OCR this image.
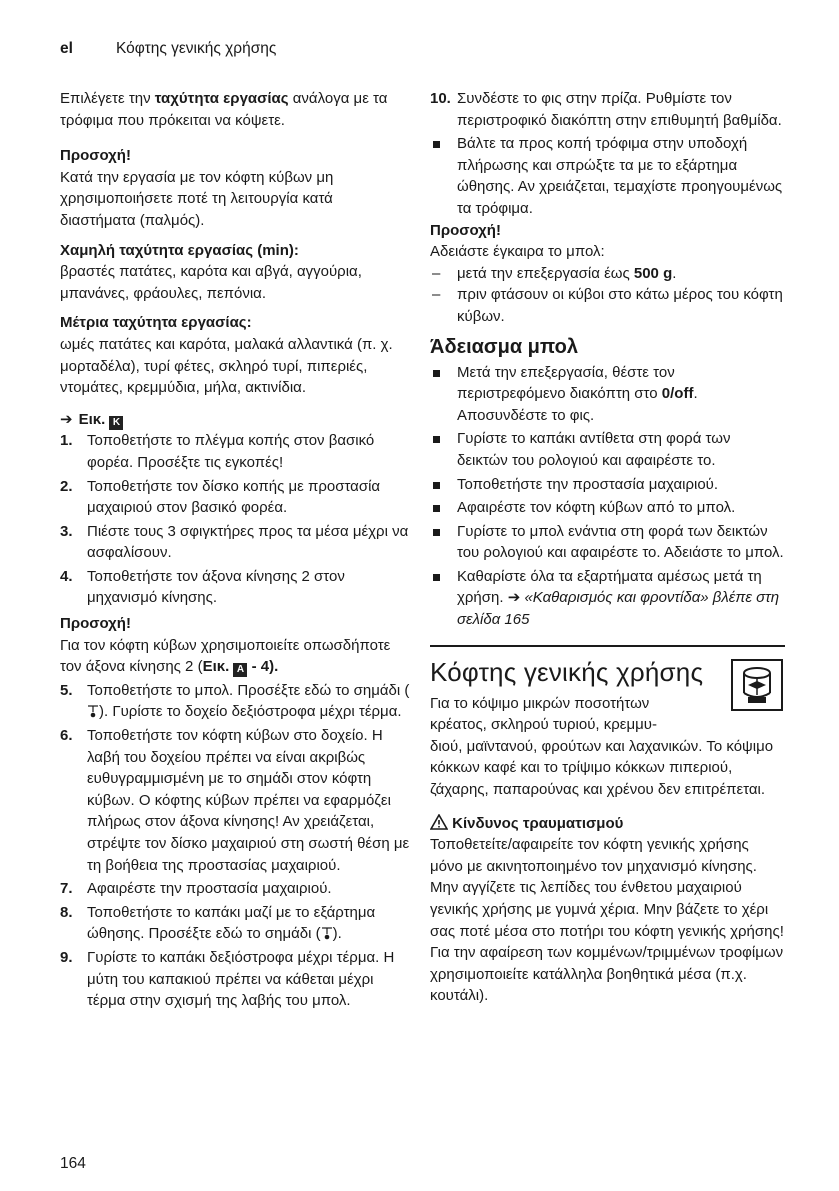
el	Κόφτης γενικής χρήσης

Επιλέγετε την ταχύτητα εργασίας ανάλογα με τα τρόφιμα που πρόκειται να κόψετε.

Προσοχή!

Κατά την εργασία με τον κόφτη κύβων μη χρησιμοποιήσετε ποτέ τη λειτουργία κατά διαστήματα (παλμός).

Χαμηλή ταχύτητα εργασίας (min):

βραστές πατάτες, καρότα και αβγά, αγγούρια, μπανάνες, φράουλες, πεπόνια.

Μέτρια ταχύτητα εργασίας:

ωμές πατάτες και καρότα, μαλακά αλλαντικά (π. χ. μορταδέλα), τυρί φέτες, σκληρό τυρί, πιπεριές, ντομάτες, κρεμμύδια, μήλα, ακτινίδια.

➔ Εικ. K

1. Τοποθετήστε το πλέγμα κοπής στον βασικό φορέα. Προσέξτε τις εγκοπές!
2. Τοποθετήστε τον δίσκο κοπής με προστασία μαχαιριού στον βασικό φορέα.
3. Πιέστε τους 3 σφιγκτήρες προς τα μέσα μέχρι να ασφαλίσουν.
4. Τοποθετήστε τον άξονα κίνησης 2 στον μηχανισμό κίνησης.

Προσοχή!

Για τον κόφτη κύβων χρησιμοποιείτε οπωσδήποτε τον άξονα κίνησης 2 (Εικ. A - 4).

5. Τοποθετήστε το μπολ. Προσέξτε εδώ το σημάδι (). Γυρίστε το δοχείο δεξιόστροφα μέχρι τέρμα.
6. Τοποθετήστε τον κόφτη κύβων στο δοχείο. Η λαβή του δοχείου πρέπει να είναι ακριβώς ευθυγραμμισμένη με το σημάδι στον κόφτη κύβων. Ο κόφτης κύβων πρέπει να εφαρμόζει πλήρως στον άξονα κίνησης! Αν χρειάζεται, στρέψτε τον δίσκο μαχαιριού στη σωστή θέση με τη βοήθεια της προστασίας μαχαιριού.
7. Αφαιρέστε την προστασία μαχαιριού.
8. Τοποθετήστε το καπάκι μαζί με το εξάρτημα ώθησης. Προσέξτε εδώ το σημάδι ( ).
9. Γυρίστε το καπάκι δεξιόστροφα μέχρι τέρμα. Η μύτη του καπακιού πρέπει να κάθεται μέχρι τέρμα στην σχισμή της λαβής του μπολ.
10. Συνδέστε το φις στην πρίζα. Ρυθμίστε τον περιστροφικό διακόπτη στην επιθυμητή βαθμίδα.
Βάλτε τα προς κοπή τρόφιμα στην υποδοχή πλήρωσης και σπρώξτε τα με το εξάρτημα ώθησης. Αν χρειάζεται, τεμαχίστε προηγουμένως τα τρόφιμα.

Προσοχή!

Αδειάστε έγκαιρα το μπολ:

– μετά την επεξεργασία έως 500 g.
– πριν φτάσουν οι κύβοι στο κάτω μέρος του κόφτη κύβων.

Άδειασμα μπολ

Μετά την επεξεργασία, θέστε τον περιστρεφόμενο διακόπτη στο 0/off. Αποσυνδέστε το φις.
Γυρίστε το καπάκι αντίθετα στη φορά των δεικτών του ρολογιού και αφαιρέστε το.
Τοποθετήστε την προστασία μαχαιριού.
Αφαιρέστε τον κόφτη κύβων από το μπολ.
Γυρίστε το μπολ ενάντια στη φορά των δεικτών του ρολογιού και αφαιρέστε το. Αδειάστε το μπολ.
Καθαρίστε όλα τα εξαρτήματα αμέσως μετά τη χρήση. ➔ «Καθαρισμός και φροντίδα» βλέπε στη σελίδα 165

Κόφτης γενικής χρήσης

Για το κόψιμο μικρών ποσοτήτων

κρέατος, σκληρού τυριού, κρεμμυ-

διού, μαϊντανού, φρούτων και λαχανικών. Το κόψιμο κόκκων καφέ και το τρίψιμο κόκκων πιπεριού, ζάχαρης, παπαρούνας και χρένου δεν επιτρέπεται.

Κίνδυνος τραυματισμού

Τοποθετείτε/αφαιρείτε τον κόφτη γενικής χρήσης μόνο με ακινητοποιημένο τον μηχανισμό κίνησης. Μην αγγίζετε τις λεπίδες του ένθετου μαχαιριού γενικής χρήσης με γυμνά χέρια. Μην βάζετε το χέρι σας ποτέ μέσα στο ποτήρι του κόφτη γενικής χρήσης! Για την αφαίρεση των κομμένων/τριμμένων τροφίμων χρησιμοποιείτε κατάλληλα βοηθητικά μέσα (π.χ. κουτάλι).

164
